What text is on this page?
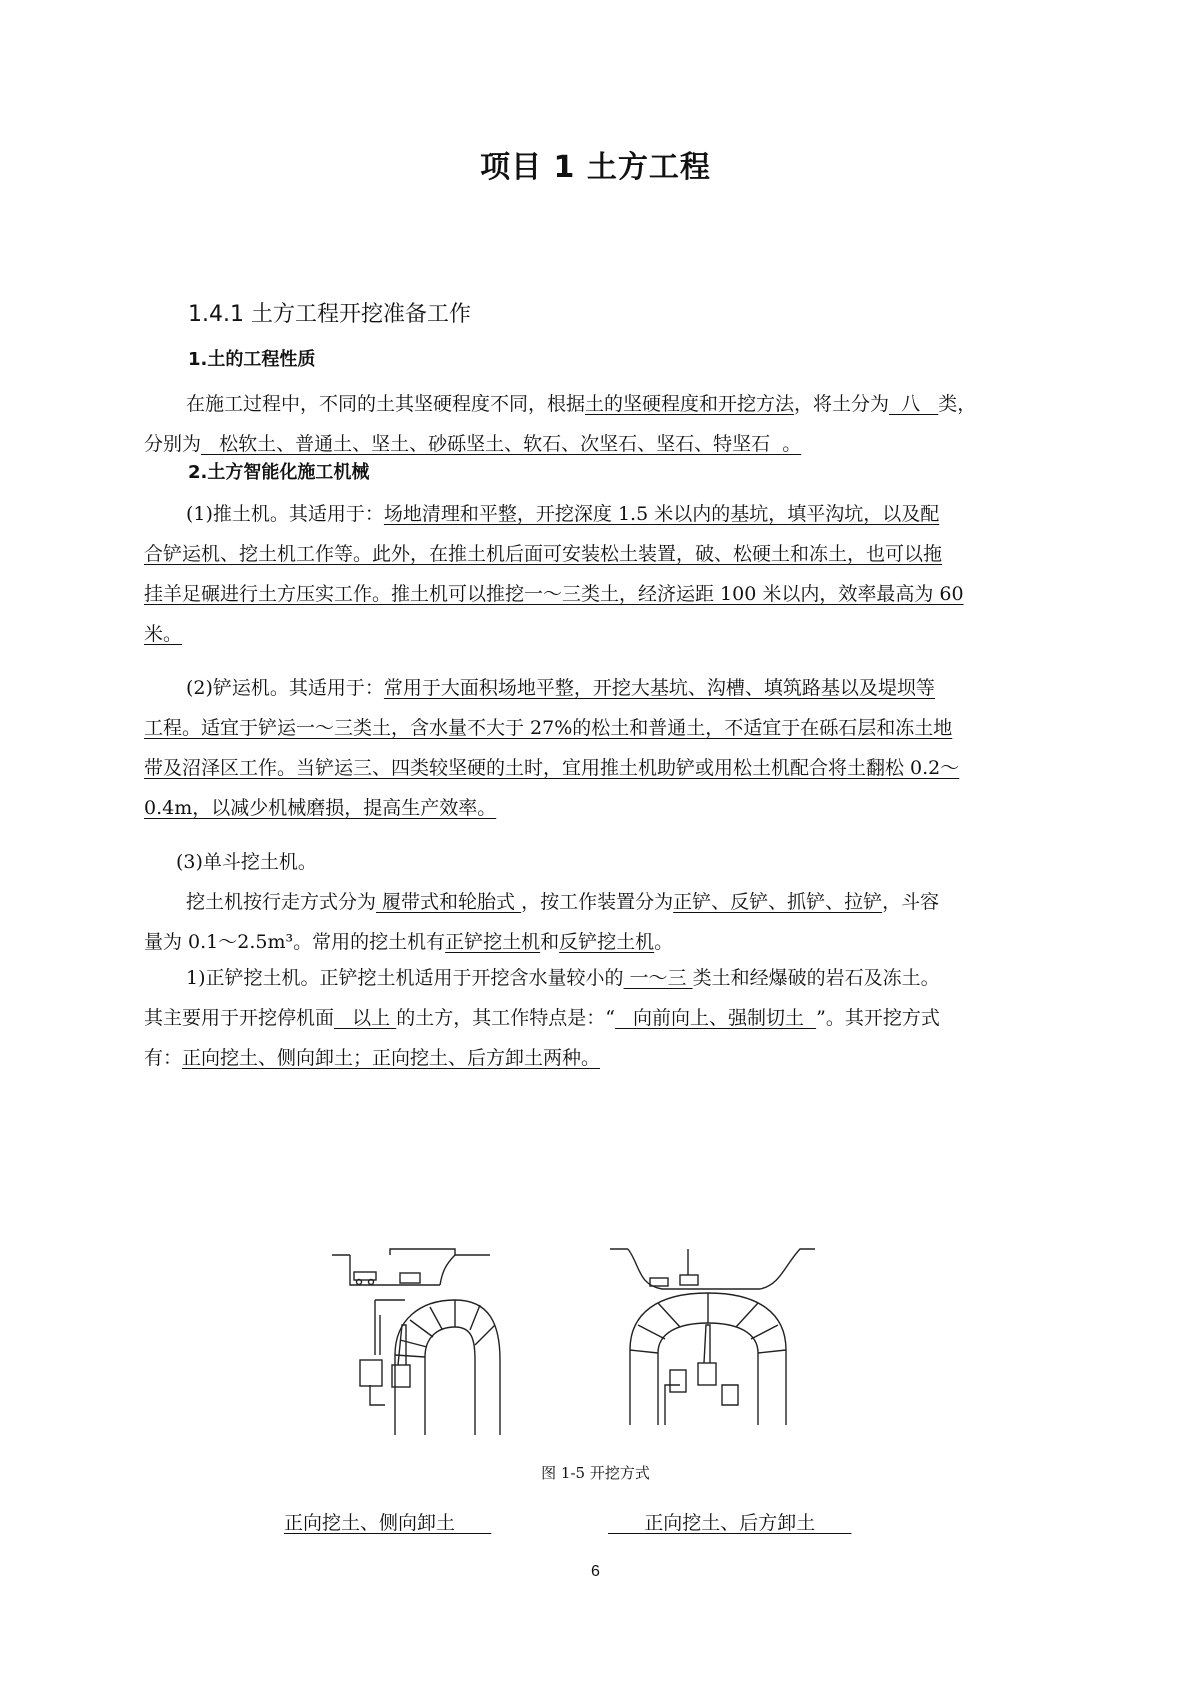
项目 1 土方工程
1.4.1 土方工程开挖准备工作
1.土的工程性质
在施工过程中，不同的土其坚硬程度不同，根据土的坚硬程度和开挖方法，将土分为  八   类，
分别为   松软土、普通土、坚土、砂砾坚土、软石、次坚石、坚石、特坚石  。
2.土方智能化施工机械
(1)推土机。其适用于：场地清理和平整，开挖深度 1.5 米以内的基坑，填平沟坑，以及配
合铲运机、挖土机工作等。此外，在推土机后面可安装松土装置，破、松硬土和冻土，也可以拖
挂羊足碾进行土方压实工作。推土机可以推挖一～三类土，经济运距 100 米以内，效率最高为 60
米。
(2)铲运机。其适用于：常用于大面积场地平整，开挖大基坑、沟槽、填筑路基以及堤坝等
工程。适宜于铲运一～三类土，含水量不大于 27%的松土和普通土，不适宜于在砾石层和冻土地
带及沼泽区工作。当铲运三、四类较坚硬的土时，宜用推土机助铲或用松土机配合将土翻松 0.2～
0.4m，以减少机械磨损，提高生产效率。
(3)单斗挖土机。
挖土机按行走方式分为 履带式和轮胎式 ，按工作装置分为正铲、反铲、抓铲、拉铲，斗容
量为 0.1～2.5m³。常用的挖土机有正铲挖土机和反铲挖土机。
1)正铲挖土机。正铲挖土机适用于开挖含水量较小的 一～三 类土和经爆破的岩石及冻土。
其主要用于开挖停机面   以上 的土方，其工作特点是：“   向前向上、强制切土  ”。其开挖方式
有：正向挖土、侧向卸土；正向挖土、后方卸土两种。
图 1-5 开挖方式
正向挖土、侧向卸土	正向挖土、后方卸土
6
